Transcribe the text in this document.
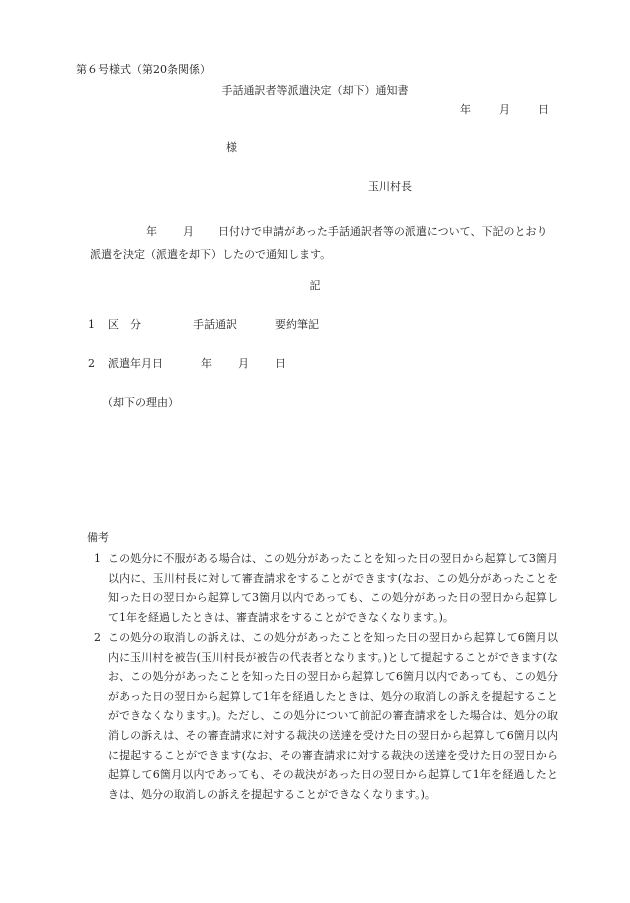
第６号様式（第20条関係）
手話通訳者等派遣決定（却下）通知書
年	月	日
様
玉川村長
年 月 日付けで申請があった手話通訳者等の派遣について、下記のとおり
派遣を決定（派遣を却下）したので通知します。
記
1 区　分	手話通訳	要約筆記
2 派遣年月日	年 月 日
（却下の理由）
備考
1 この処分に不服がある場合は、この処分があったことを知った日の翌日から起算して3箇月以内に、玉川村長に対して審査請求をすることができます(なお、この処分があったことを知った日の翌日から起算して3箇月以内であっても、この処分があった日の翌日から起算して1年を経過したときは、審査請求をすることができなくなります。)。
2 この処分の取消しの訴えは、この処分があったことを知った日の翌日から起算して6箇月以内に玉川村を被告(玉川村長が被告の代表者となります。)として提起することができます(なお、この処分があったことを知った日の翌日から起算して6箇月以内であっても、この処分があった日の翌日から起算して1年を経過したときは、処分の取消しの訴えを提起することができなくなります。)。ただし、この処分について前記の審査請求をした場合は、処分の取消しの訴えは、その審査請求に対する裁決の送達を受けた日の翌日から起算して6箇月以内に提起することができます(なお、その審査請求に対する裁決の送達を受けた日の翌日から起算して6箇月以内であっても、その裁決があった日の翌日から起算して1年を経過したときは、処分の取消しの訴えを提起することができなくなります。)。
